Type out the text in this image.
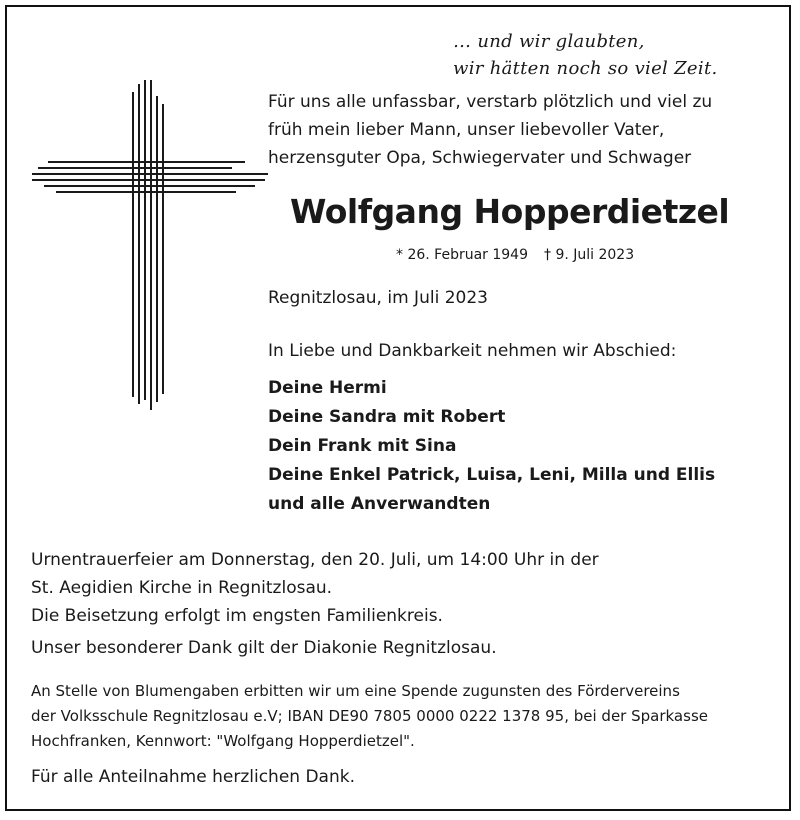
… und wir glaubten,
wir hätten noch so viel Zeit.
Für uns alle unfassbar, verstarb plötzlich und viel zu
früh mein lieber Mann, unser liebevoller Vater,
herzensguter Opa, Schwiegervater und Schwager
Wolfgang Hopperdietzel
* 26. Februar 1949 † 9. Juli 2023
Regnitzlosau, im Juli 2023
In Liebe und Dankbarkeit nehmen wir Abschied:
Deine Hermi
Deine Sandra mit Robert
Dein Frank mit Sina
Deine Enkel Patrick, Luisa, Leni, Milla und Ellis
und alle Anverwandten
Urnentrauerfeier am Donnerstag, den 20. Juli, um 14:00 Uhr in der
St. Aegidien Kirche in Regnitzlosau.
Die Beisetzung erfolgt im engsten Familienkreis.
Unser besonderer Dank gilt der Diakonie Regnitzlosau.
An Stelle von Blumengaben erbitten wir um eine Spende zugunsten des Fördervereins
der Volksschule Regnitzlosau e.V; IBAN DE90 7805 0000 0222 1378 95, bei der Sparkasse
Hochfranken, Kennwort: "Wolfgang Hopperdietzel".
Für alle Anteilnahme herzlichen Dank.
